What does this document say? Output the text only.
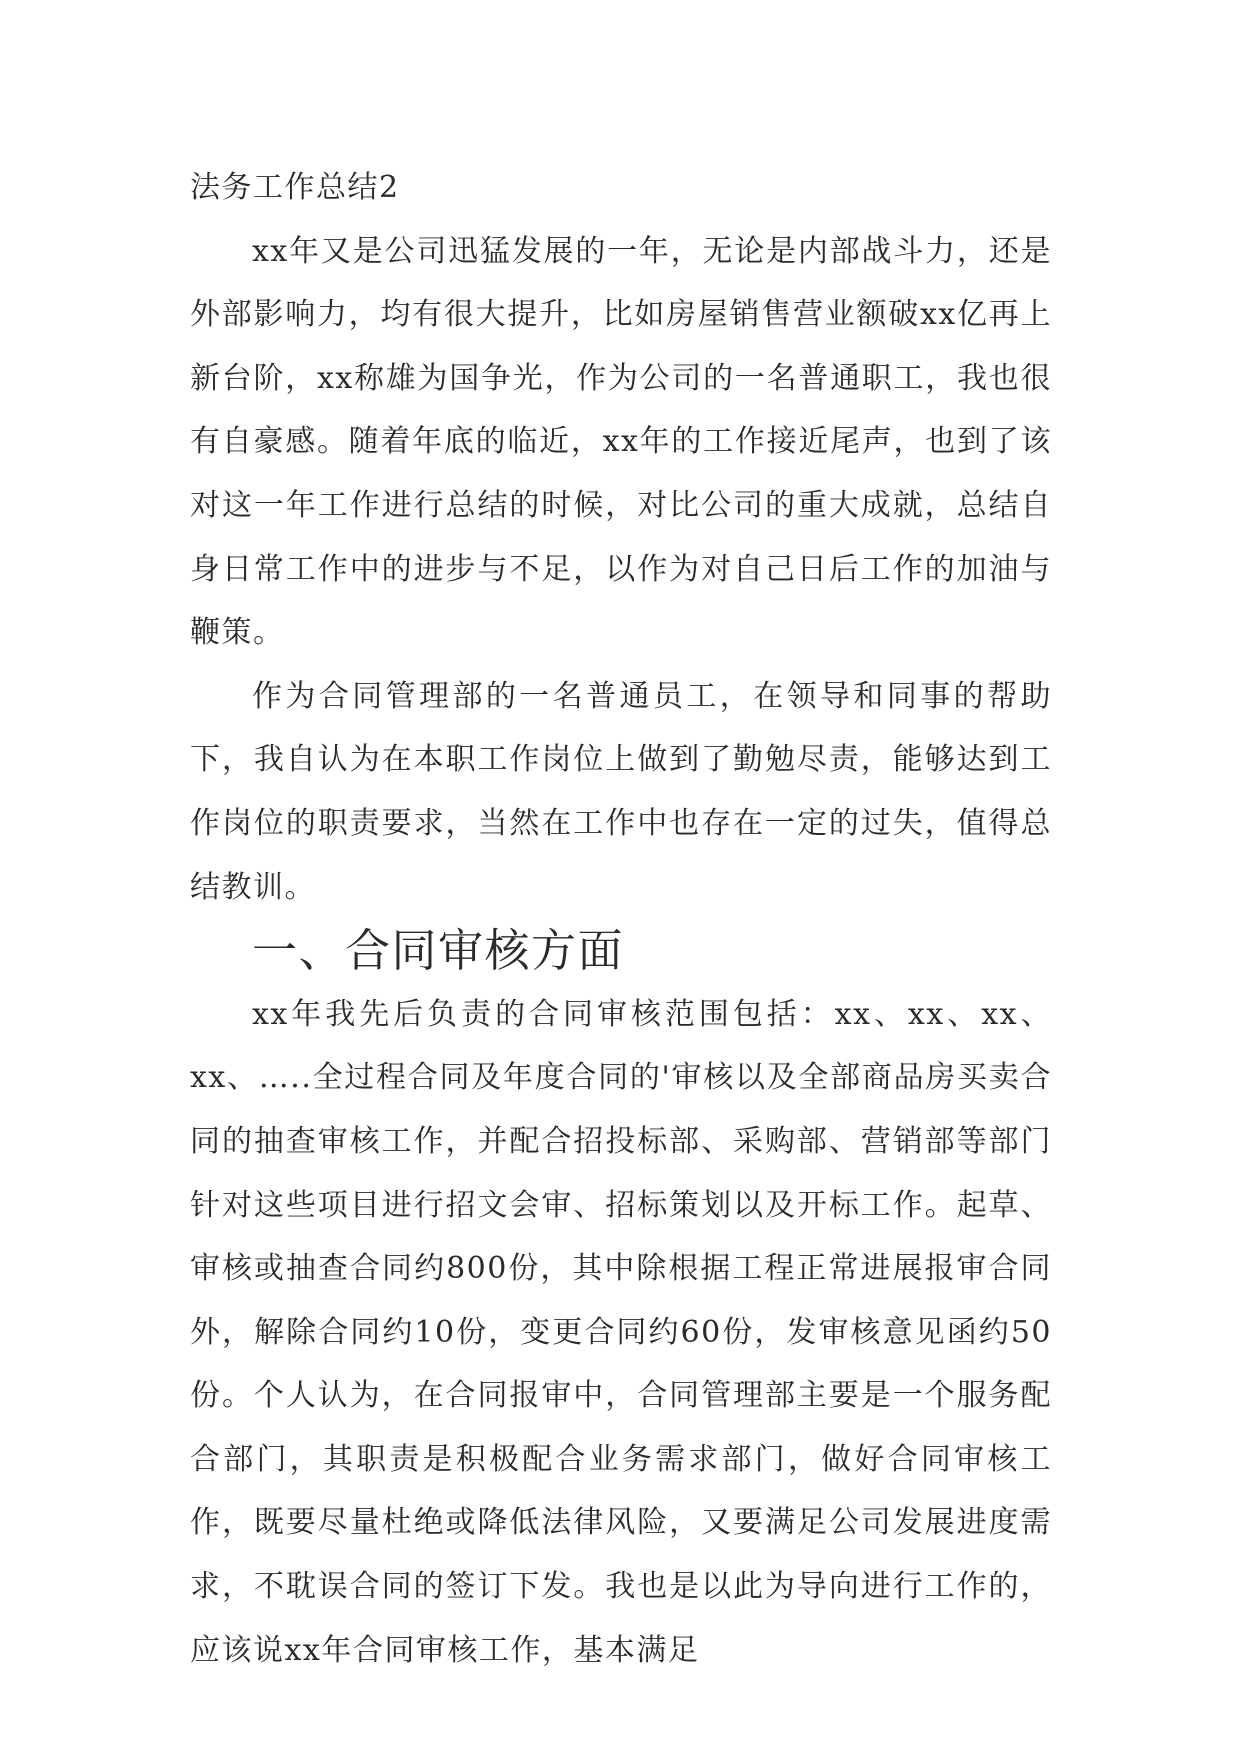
法务工作总结2

xx年又是公司迅猛发展的一年，无论是内部战斗力，还是外部影响力，均有很大提升，比如房屋销售营业额破xx亿再上新台阶，xx称雄为国争光，作为公司的一名普通职工，我也很有自豪感。随着年底的临近，xx年的工作接近尾声，也到了该对这一年工作进行总结的时候，对比公司的重大成就，总结自身日常工作中的进步与不足，以作为对自己日后工作的加油与鞭策。

作为合同管理部的一名普通员工，在领导和同事的帮助下，我自认为在本职工作岗位上做到了勤勉尽责，能够达到工作岗位的职责要求，当然在工作中也存在一定的过失，值得总结教训。

一、合同审核方面

xx年我先后负责的合同审核范围包括：xx、xx、xx、xx、…..全过程合同及年度合同的'审核以及全部商品房买卖合同的抽查审核工作，并配合招投标部、采购部、营销部等部门针对这些项目进行招文会审、招标策划以及开标工作。起草、审核或抽查合同约800份，其中除根据工程正常进展报审合同外，解除合同约10份，变更合同约60份，发审核意见函约50份。个人认为，在合同报审中，合同管理部主要是一个服务配合部门，其职责是积极配合业务需求部门，做好合同审核工作，既要尽量杜绝或降低法律风险，又要满足公司发展进度需求，不耽误合同的签订下发。我也是以此为导向进行工作的，应该说xx年合同审核工作，基本满足
